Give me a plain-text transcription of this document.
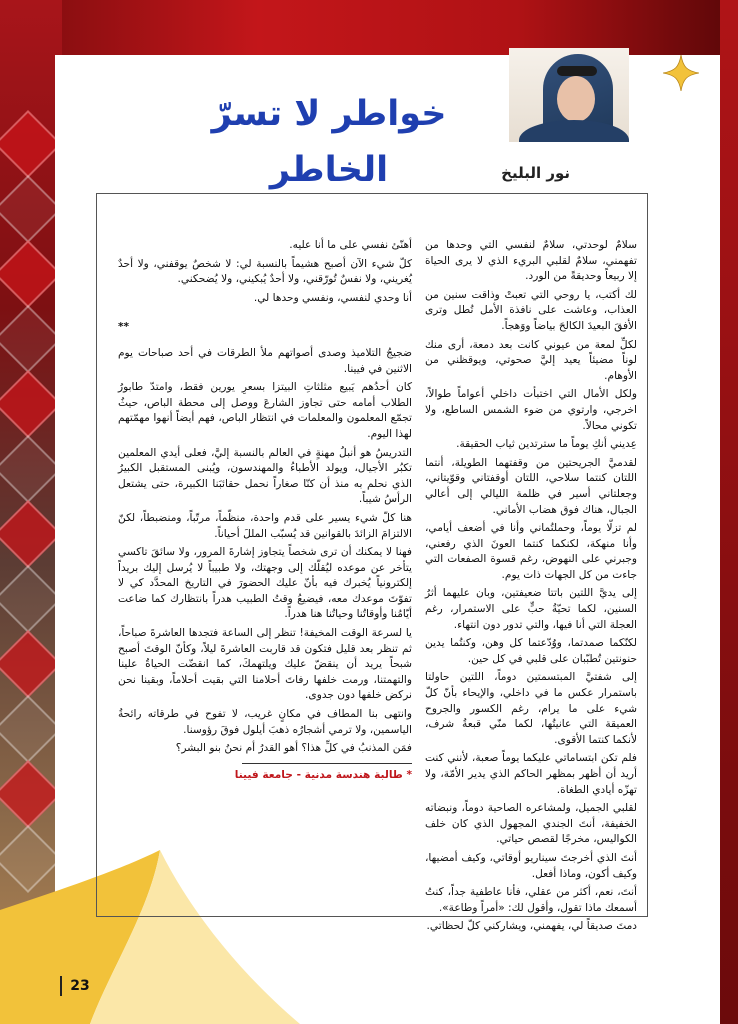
خواطر لا تسرّ الخاطر	نور البليخ

سلامٌ لوحدتي، سلامٌ لنفسي التي وحدها من تفهمني، سلامٌ لقلبي البريء الذي لا يرى الحياة إلا ربيعاً وحديقةً من الورد.

لك أكتب، يا روحي التي تعبتْ وذاقت سنين من العذاب، وعاشت على نافذة الأمل تُطل وترى الأفقَ البعيدَ الكالحَ بياضاً ووَهجاً.

لكلِّ لمعة من عيوني كانت بعد دمعة، أرى منك لوناً مضيئاً يعيد إليَّ صحوتي، ويوقظني من الأوهام.

ولكل الأمال التي اختبأت داخلي أعواماً طوالاً، اخرجي، وارتوي من ضوء الشمس الساطع، ولا تكوني محالاً.

عِديني أنكِ يوماً ما سترتدين ثياب الحقيقة.

لقدميَّ الجريحتين من وقفتهما الطويلة، أنتما اللتان كنتما سلاحي، اللتان أوقفتاني وقوّيتاني، وجعلتاني أسير في ظلمة الليالي إلى أعالي الجبال، هناك فوق هضاب الأماني.

لم تزلّا يوماً، وحملتُماني وأنا في أضعف أيامي، وأنا منهكة، لكنكما كنتما العونَ الذي رفعني، وجبرني على النهوض، رغم قسوة الصفعات التي جاءت من كل الجهات ذات يوم.

إلى يديَّ اللتين باتتا ضعيفتين، وبان عليهما أثرُ السنين، لكما تحيّةُ حبٍّ على الاستمرار، رغم العجلة التي أنا فيها، والتي تدور دون انتهاء.

لكنّكما صمدتما، ووُدّعتما كل وهن، وكنتُما يدين حنونتين تُطبّبان على قلبي في كل حين.

إلى شفتيَّ المبتسمتين دوماً، اللتين حاولتا باستمرار عكس ما في داخلي، والإيحاء بأنّ كلّ شيء على ما يرام، رغم الكسور والجروح العميقة التي عانيتُها، لكما منّي قبعةُ شرف، لأنكما كنتما الأقوى.

فلم تكن ابتساماتي عليكما يوماً صعبة، لأنني كنت أريد أن أظهر بمظهر الحاكم الذي يدير الأمّة، ولا تهزّه أيادي الطغاة.

لقلبي الجميل، ولمشاعره الصاحية دوماً، ونبضاته الخفيفة، أنتَ الجندي المجهول الذي كان خلف الكواليس، مخرجًا لقصص حياتي.

أنتَ الذي أخرجتَ سيناريو أوقاتي، وكيف أمضيها، وكيف أكون، وماذا أفعل.

أنتَ، نعم، أكثر من عقلي، فأنا عاطفية جداً، كنتُ أسمعك ماذا تقول، وأقول لك: «أمراً وطاعة».

دمتَ صديقاً لي، يفهمني، ويشاركني كلّ لحظاتي.

أهنّئ نفسي على ما أنا عليه.

كلّ شيء الآن أصبح هشيماً بالنسبة لي: لا شخصٌ يوقفني، ولا أحدٌ يُغريني، ولا نفسٌ تُورّقني، ولا أحدٌ يُبكيني، ولا يُضحكني.

أنا وحدي لنفسي، ونفسي وحدها لي.

**

ضجيجُ التلاميذ وصدى أصواتهم ملأ الطرقات في أحد صباحات يوم الاثنين في فيينا.

كان أحدُهم يَبيع مثلثاتِ البيتزا بسعرِ يورين فقط، وامتدّ طابورُ الطلاب أمامه حتى تجاوز الشارعَ ووصل إلى محطة الباص، حيثُ تجمّع المعلمون والمعلمات في انتظار الباص، فهم أيضاً أنهوا مهمّتهم لهذا اليوم.

التدريسُ هو أنبلُ مهنةٍ في العالم بالنسبة إليَّ، فعلى أيدي المعلمين تكبُر الأجيال، ويولد الأطباءُ والمهندسون، ويُبنى المستقبل الكبيرُ الذي نحلم به منذ أن كنّا صغاراً نحمل حقائبَنا الكبيرة، حتى يشتعل الرأسُ شيباً.

هنا كلّ شيء يسير على قدم واحدة، منظّماً، مرتّباً، ومنضبطاً، لكنّ الالتزامَ الزائدَ بالقوانين قد يُسبّب المللَ أحياناً.

فهنا لا يمكنك أن ترى شخصاً يتجاوز إشارةَ المرور، ولا سائقَ تاكسي يتأخر عن موعده ليُقلّك إلى وجهتك، ولا طبيباً لا يُرسل إليك بريداً إلكترونياً يُخبرك فيه بأنّ عليك الحضورَ في التاريخ المحدَّد كي لا تفوّتَ موعدك معه، فيضيعُ وقتُ الطبيب هدراً بانتظارك كما ضاعت أيّامُنا وأوقاتُنا وحياتُنا هنا هدراً.

يا لسرعة الوقت المخيفة! تنظر إلى الساعة فتجدها العاشرةَ صباحاً، ثم تنظر بعد قليل فتكون قد قاربت العاشرةَ ليلاً، وكأنّ الوقتَ أصبح شبحاً يريد أن ينقضّ عليك ويلتهمكَ، كما انقضّت الحياةُ علينا والتهمتنا، ورمت خلفها رفاتَ أحلامنا التي بقيت أحلاماً، وبقينا نحن نركض خلفها دون جدوى.

وانتهى بنا المطاف في مكانٍ غريب، لا تفوح في طرقاته رائحةُ الياسمين، ولا ترمي أشجارُه ذهبَ أيلول فوقَ رؤوسنا.

فمَن المذنبُ في كلِّ هذا؟ أهو القدرُ أم نحنُ بنو البشر؟

* طالبة هندسة مدنية - جامعة فيينا

23
